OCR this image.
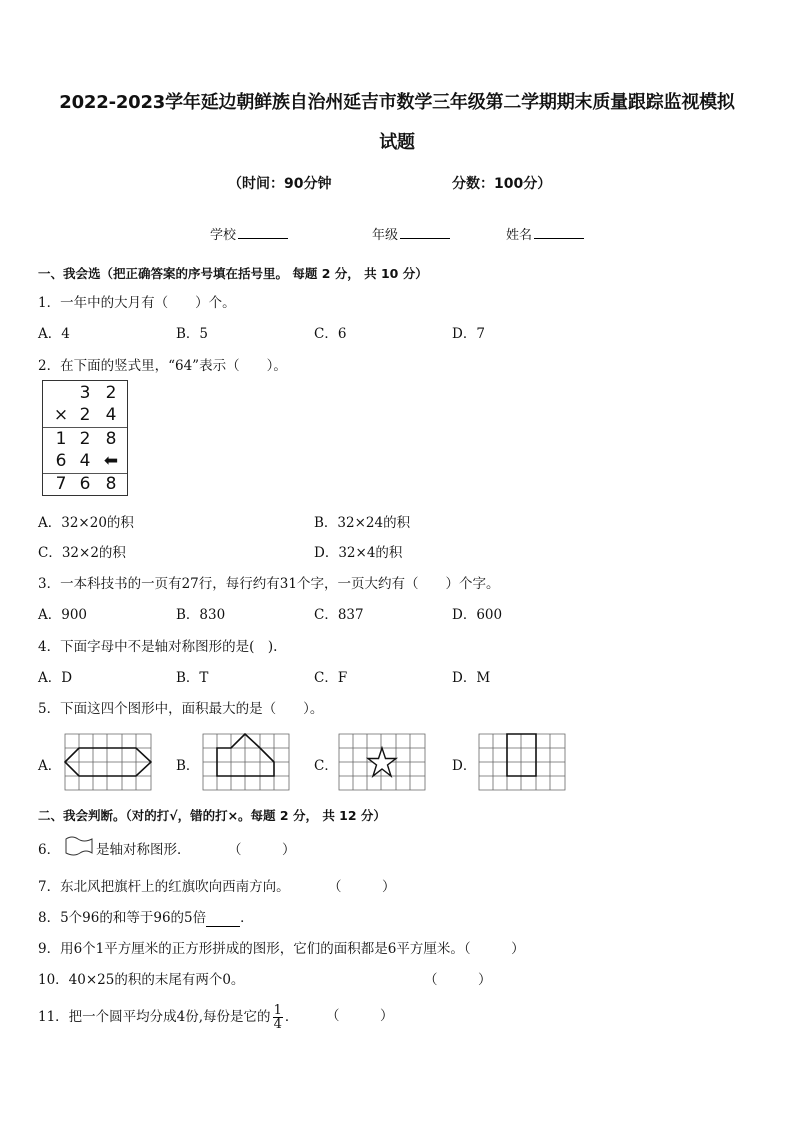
2022-2023学年延边朝鲜族自治州延吉市数学三年级第二学期期末质量跟踪监视模拟
试题
（时间：90分钟	分数：100分）
学校	年级	姓名
一、我会选（把正确答案的序号填在括号里。 每题 2 分， 共 10 分）
1．一年中的大月有（　　）个。
A．4	B．5	C．6	D．7
2．在下面的竖式里，“64”表示（　　）。
3 2
× 2 4
1 2 8
6 4 ⬅
7 6 8
A．32×20的积	B．32×24的积
C．32×2的积	D．32×4的积
3．一本科技书的一页有27行，每行约有31个字，一页大约有（　　）个字。
A．900	B．830	C．837	D．600
4．下面字母中不是轴对称图形的是(　).
A．D	B．T	C．F	D．M
5．下面这四个图形中，面积最大的是（　　）。
A．	B．	C．	D．
二、我会判断。（对的打√，错的打×。每题 2 分， 共 12 分）
6．	是轴对称图形．	（　　　）
7．东北风把旗杆上的红旗吹向西南方向。	（　　　）
8．5个96的和等于96的5倍	．
9．用6个1平方厘米的正方形拼成的图形，它们的面积都是6平方厘米。（　　　）
10．40×25的积的末尾有两个0。	（　　　）
11．把一个圆平均分成4份,每份是它的 $\frac{1}{4}$ ． （　　　）
